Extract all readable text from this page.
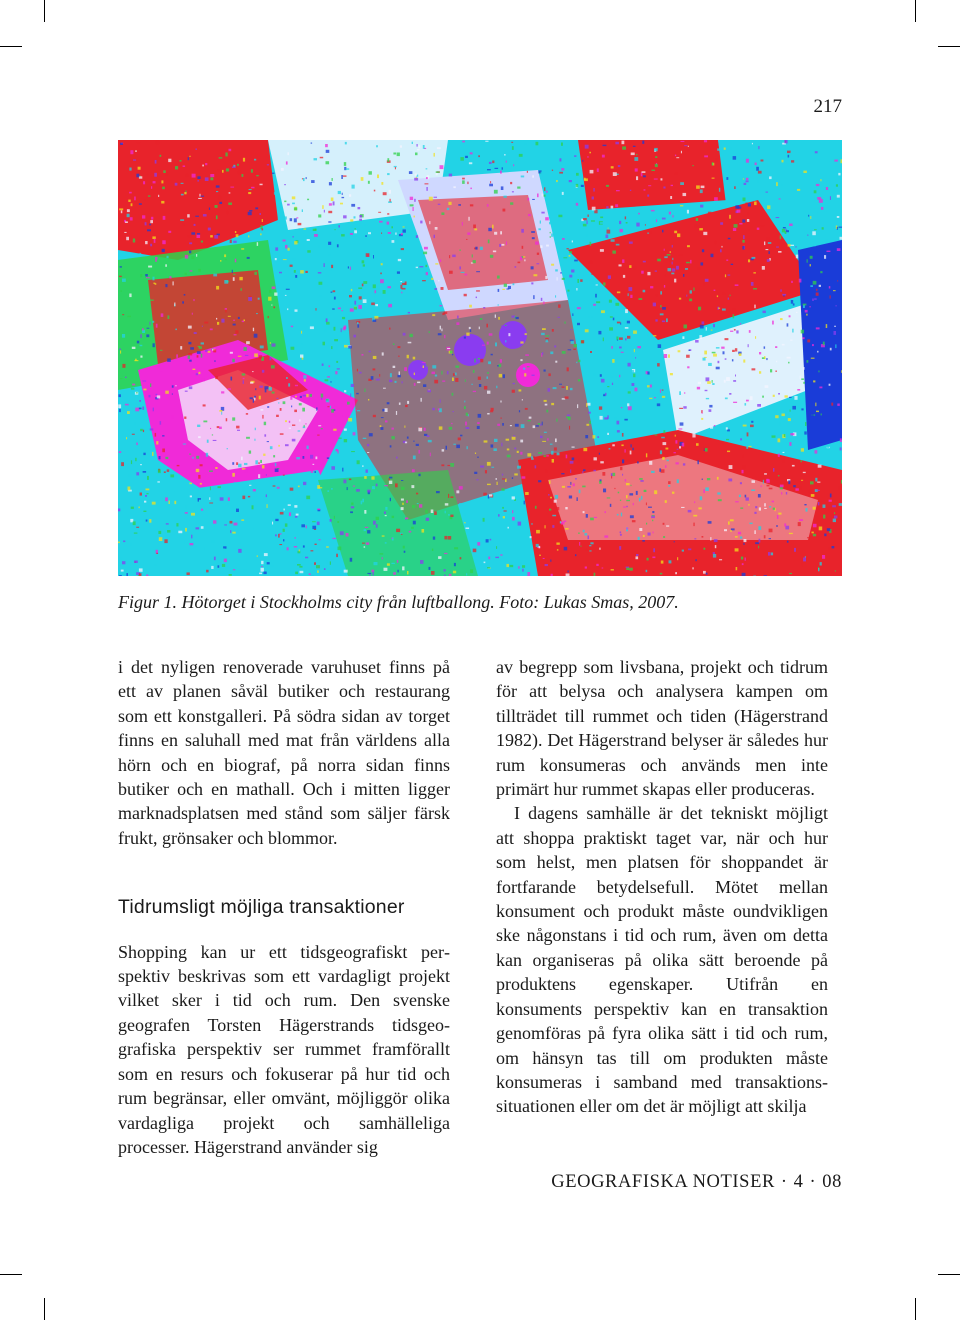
217
Figur 1. Hötorget i Stockholms city från luftballong. Foto: Lukas Smas, 2007.

i det nyligen renoverade varuhuset finns på ett av planen såväl butiker och restaurang som ett konstgalleri. På södra sidan av torget finns en saluhall med mat från världens alla hörn och en biograf, på norra sidan finns butiker och en mathall. Och i mitten ligger marknadsplatsen med stånd som säljer färsk frukt, grönsaker och blommor.

Tidrumsligt möjliga transaktioner

Shopping kan ur ett tidsgeografiskt perspektiv beskrivas som ett vardagligt projekt vilket sker i tid och rum. Den svenske geografen Torsten Hägerstrands tidsgeografiska perspektiv ser rummet framförallt som en resurs och fokuserar på hur tid och rum begränsar, eller omvänt, möjliggör olika vardagliga projekt och samhälleliga processer. Hägerstrand använder sig

av begrepp som livsbana, projekt och tidrum för att belysa och analysera kampen om tillträdet till rummet och tiden (Hägerstrand 1982). Det Hägerstrand belyser är således hur rum konsumeras och används men inte primärt hur rummet skapas eller produceras.

I dagens samhälle är det tekniskt möjligt att shoppa praktiskt taget var, när och hur som helst, men platsen för shoppandet är fortfarande betydelsefull. Mötet mellan konsument och produkt måste oundvikligen ske någonstans i tid och rum, även om detta kan organiseras på olika sätt beroende på produktens egenskaper. Utifrån en konsuments perspektiv kan en transaktion genomföras på fyra olika sätt i tid och rum, om hänsyn tas till om produkten måste konsumeras i samband med transaktionssituationen eller om det är möjligt att skilja

GEOGRAFISKA NOTISER · 4 · 08
